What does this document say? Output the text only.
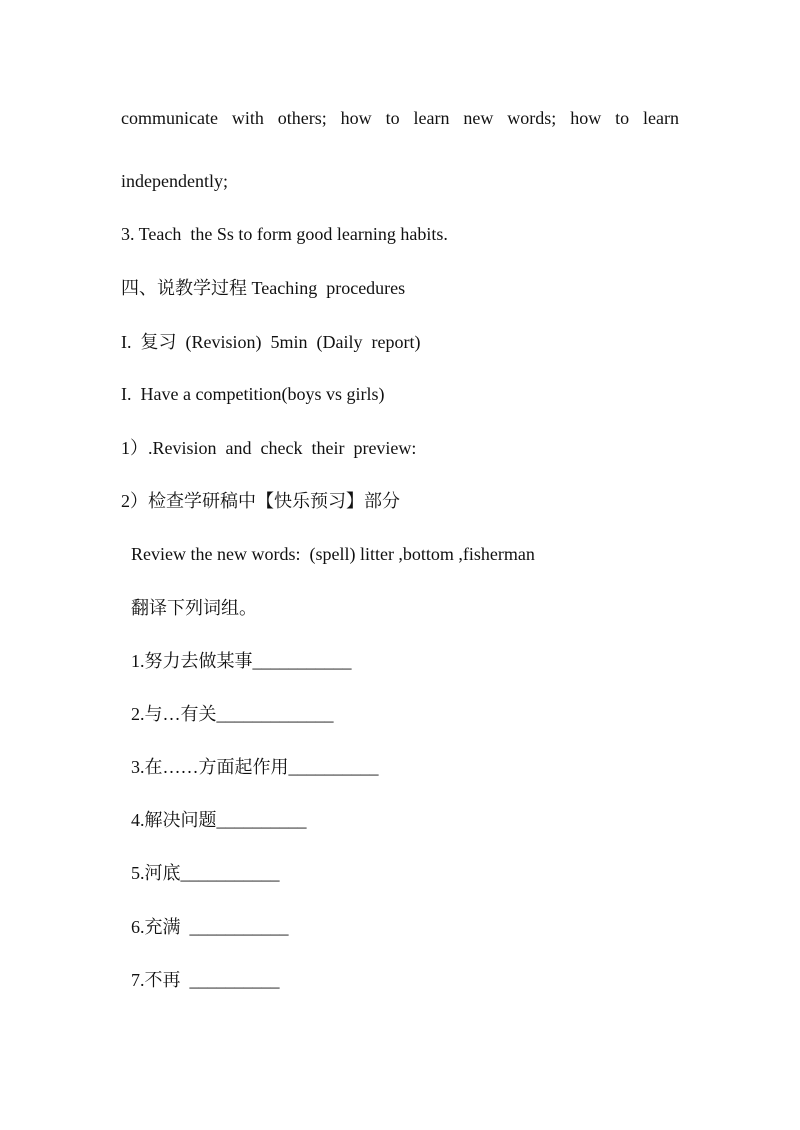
communicate with others; how to learn new words; how to learn
independently;
3. Teach  the Ss to form good learning habits.
四、说教学过程 Teaching  procedures
I.  复习  (Revision)  5min  (Daily  report)
I.  Have a competition(boys vs girls)
1）.Revision  and  check  their  preview:
2）检查学研稿中【快乐预习】部分
Review the new words:  (spell) litter ,bottom ,fisherman
翻译下列词组。
1.努力去做某事___________
2.与…有关_____________
3.在……方面起作用__________
4.解决问题__________
5.河底___________
6.充满  ___________
7.不再  __________
